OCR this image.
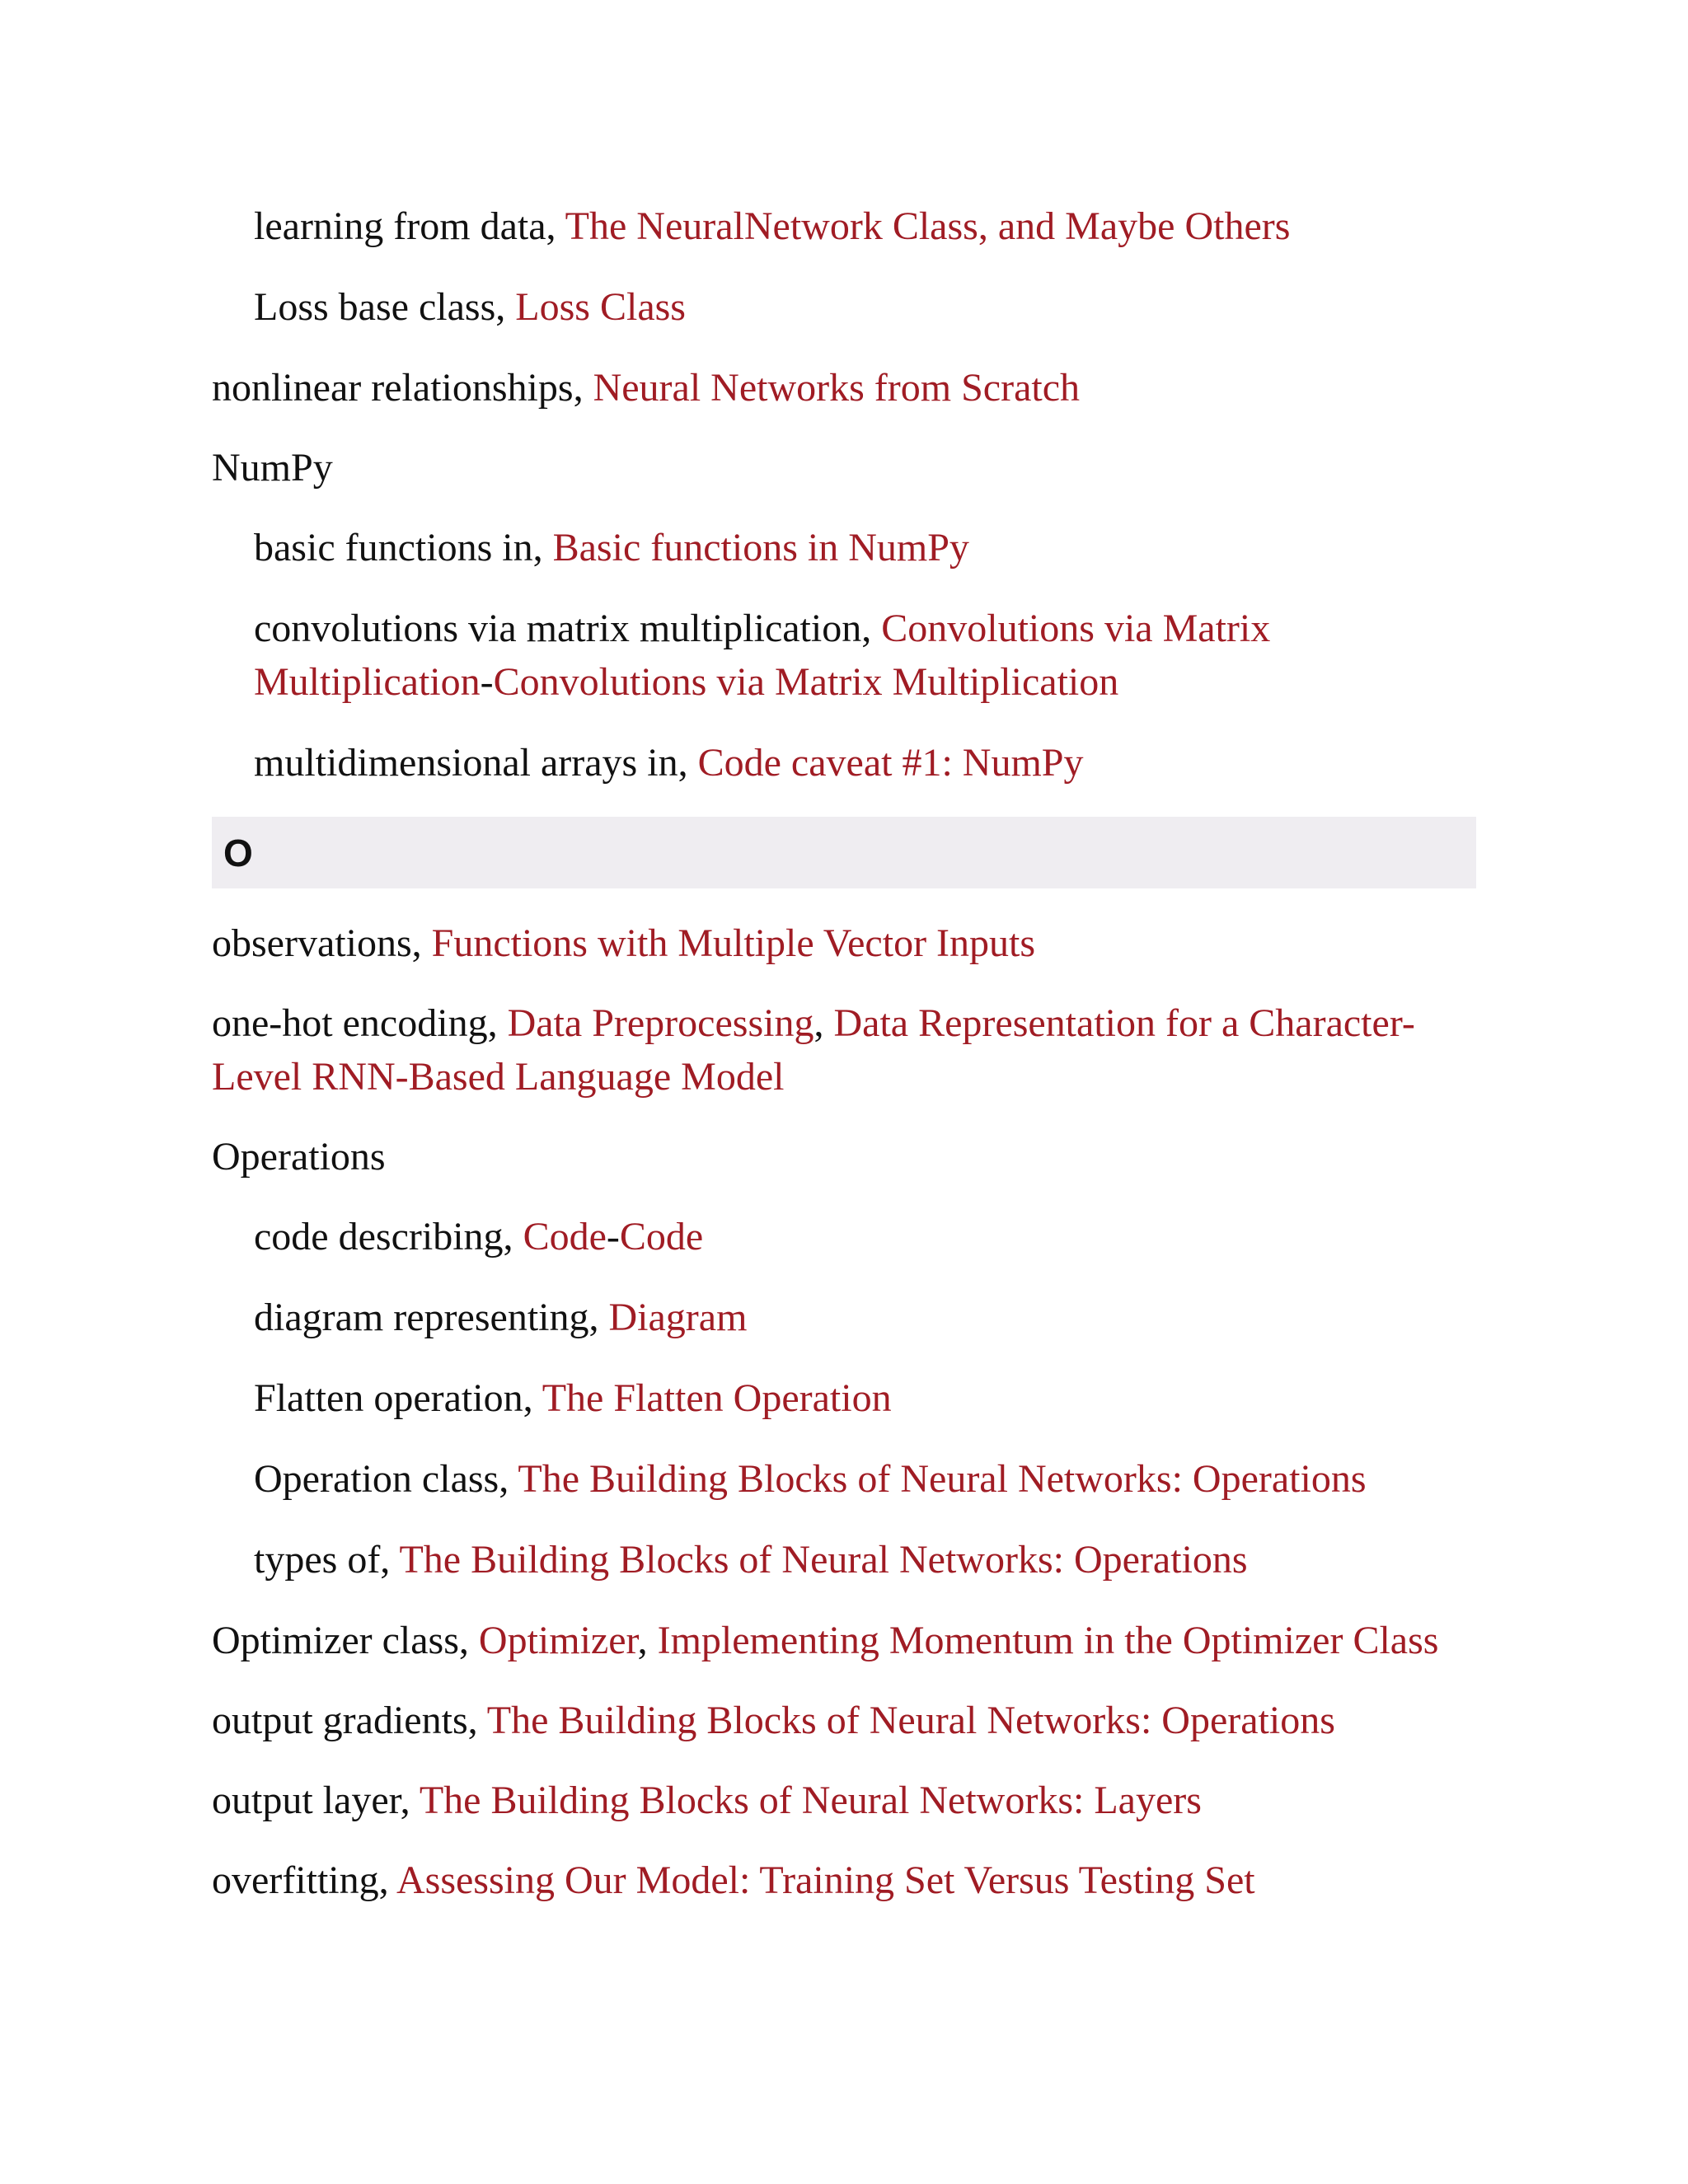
learning from data, The NeuralNetwork Class, and Maybe Others
Loss base class, Loss Class
nonlinear relationships, Neural Networks from Scratch
NumPy
basic functions in, Basic functions in NumPy
convolutions via matrix multiplication, Convolutions via Matrix Multiplication-Convolutions via Matrix Multiplication
multidimensional arrays in, Code caveat #1: NumPy
O
observations, Functions with Multiple Vector Inputs
one-hot encoding, Data Preprocessing, Data Representation for a Character-Level RNN-Based Language Model
Operations
code describing, Code-Code
diagram representing, Diagram
Flatten operation, The Flatten Operation
Operation class, The Building Blocks of Neural Networks: Operations
types of, The Building Blocks of Neural Networks: Operations
Optimizer class, Optimizer, Implementing Momentum in the Optimizer Class
output gradients, The Building Blocks of Neural Networks: Operations
output layer, The Building Blocks of Neural Networks: Layers
overfitting, Assessing Our Model: Training Set Versus Testing Set
